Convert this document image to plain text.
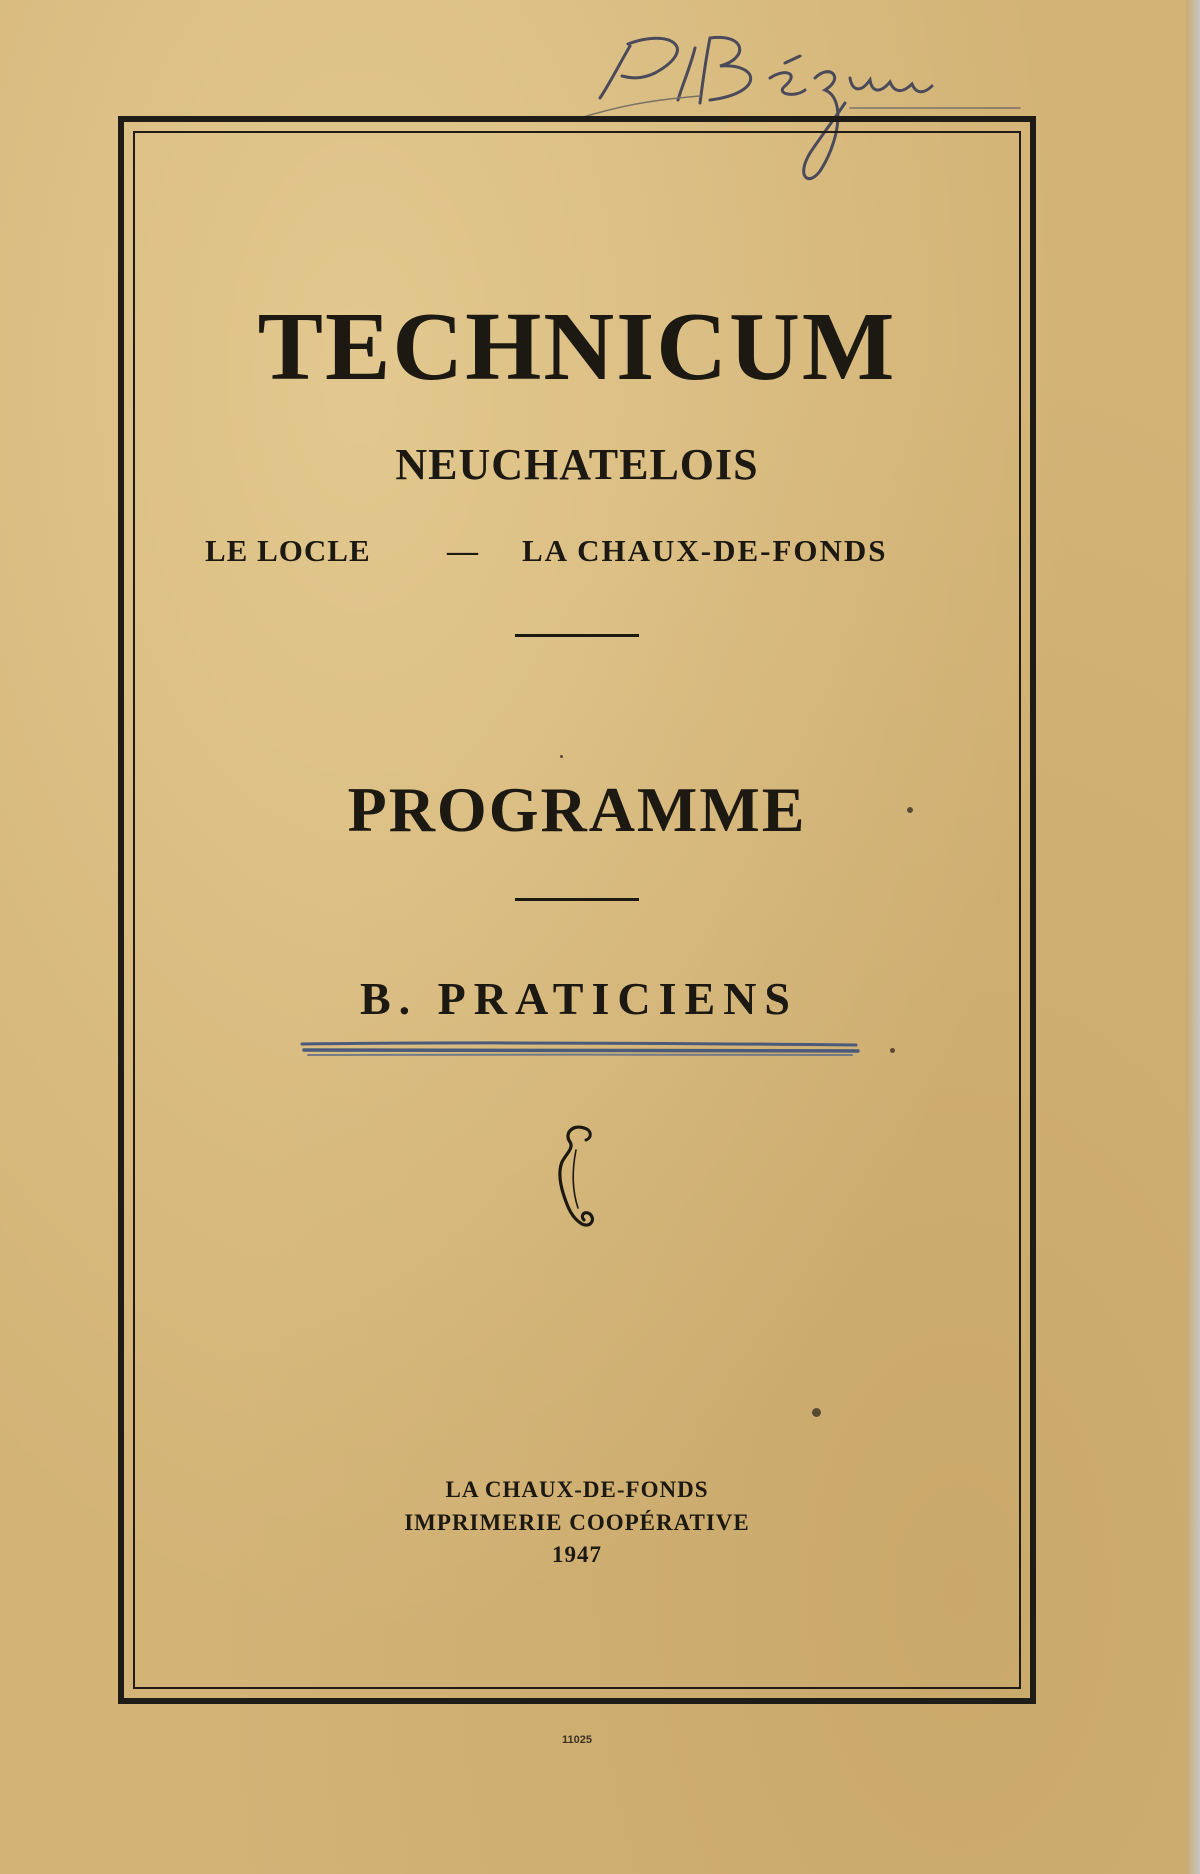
TECHNICUM
NEUCHATELOIS
LE LOCLE — LA CHAUX-DE-FONDS
PROGRAMME
B. PRATICIENS
LA CHAUX-DE-FONDS
IMPRIMERIE COOPÉRATIVE
1947
11025
